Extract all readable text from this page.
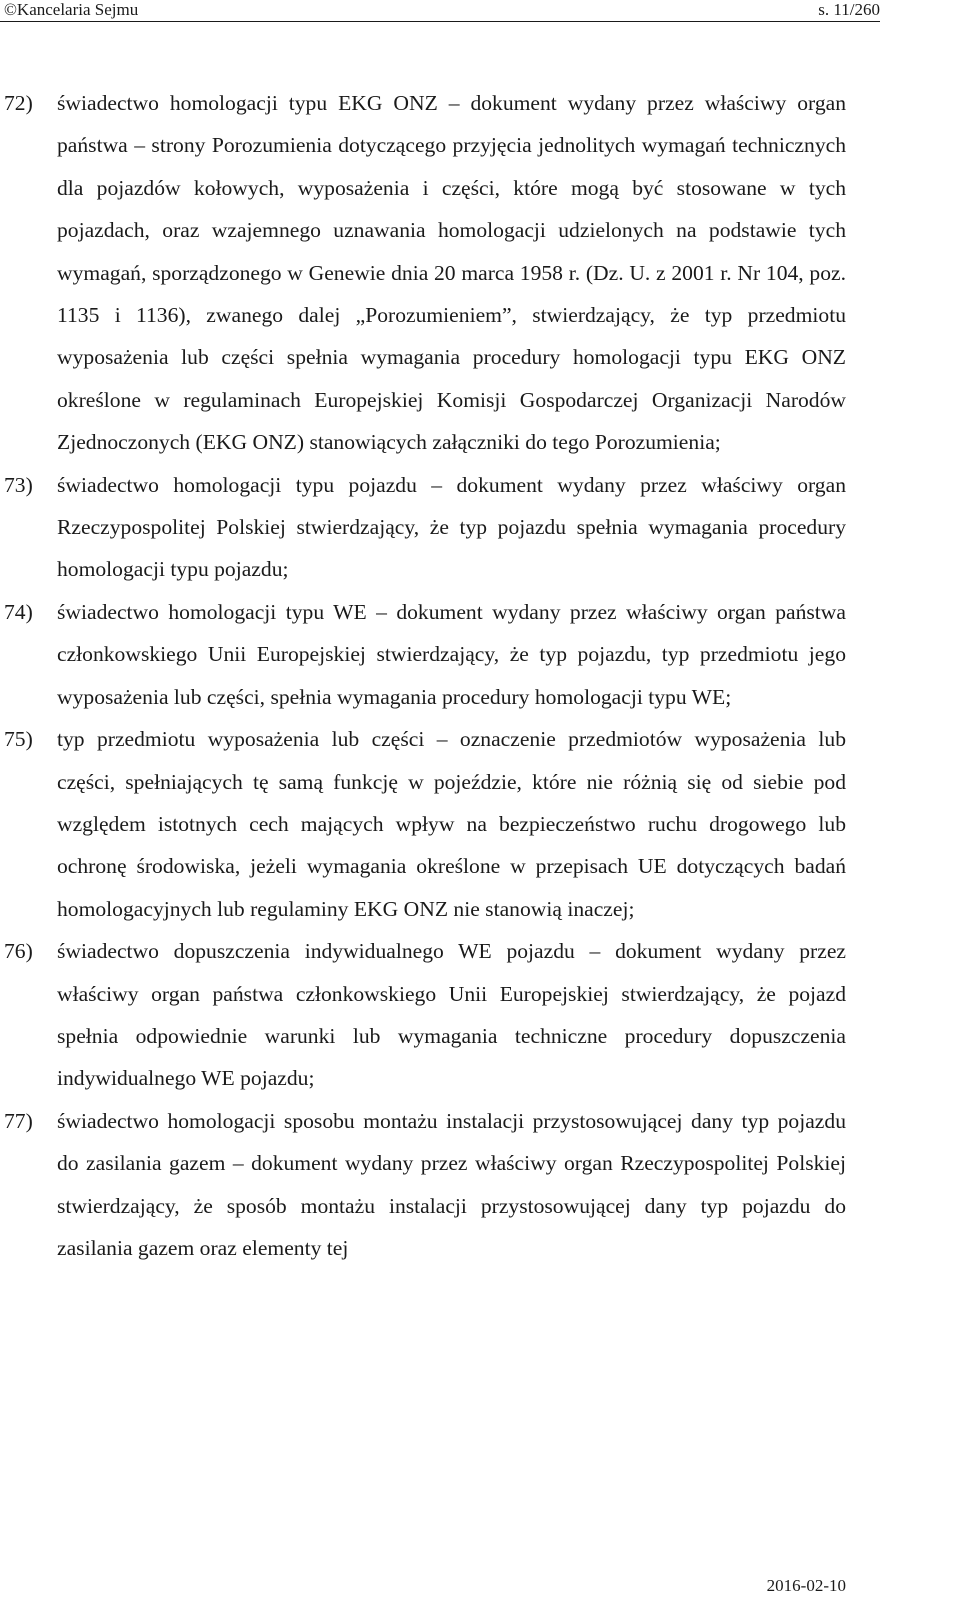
©Kancelaria Sejmu	s. 11/260
72)	świadectwo homologacji typu EKG ONZ – dokument wydany przez właściwy organ państwa – strony Porozumienia dotyczącego przyjęcia jednolitych wymagań technicznych dla pojazdów kołowych, wyposażenia i części, które mogą być stosowane w tych pojazdach, oraz wzajemnego uznawania homologacji udzielonych na podstawie tych wymagań, sporządzonego w Genewie dnia 20 marca 1958 r. (Dz. U. z 2001 r. Nr 104, poz. 1135 i 1136), zwanego dalej „Porozumieniem”, stwierdzający, że typ przedmiotu wyposażenia lub części spełnia wymagania procedury homologacji typu EKG ONZ określone w regulaminach Europejskiej Komisji Gospodarczej Organizacji Narodów Zjednoczonych (EKG ONZ) stanowiących załączniki do tego Porozumienia;
73)	świadectwo homologacji typu pojazdu – dokument wydany przez właściwy organ Rzeczypospolitej Polskiej stwierdzający, że typ pojazdu spełnia wymagania procedury homologacji typu pojazdu;
74)	świadectwo homologacji typu WE – dokument wydany przez właściwy organ państwa członkowskiego Unii Europejskiej stwierdzający, że typ pojazdu, typ przedmiotu jego wyposażenia lub części, spełnia wymagania procedury homologacji typu WE;
75)	typ przedmiotu wyposażenia lub części – oznaczenie przedmiotów wyposażenia lub części, spełniających tę samą funkcję w pojeździe, które nie różnią się od siebie pod względem istotnych cech mających wpływ na bezpieczeństwo ruchu drogowego lub ochronę środowiska, jeżeli wymagania określone w przepisach UE dotyczących badań homologacyjnych lub regulaminy EKG ONZ nie stanowią inaczej;
76)	świadectwo dopuszczenia indywidualnego WE pojazdu – dokument wydany przez właściwy organ państwa członkowskiego Unii Europejskiej stwierdzający, że pojazd spełnia odpowiednie warunki lub wymagania techniczne procedury dopuszczenia indywidualnego WE pojazdu;
77)	świadectwo homologacji sposobu montażu instalacji przystosowującej dany typ pojazdu do zasilania gazem – dokument wydany przez właściwy organ Rzeczypospolitej Polskiej stwierdzający, że sposób montażu instalacji przystosowującej dany typ pojazdu do zasilania gazem oraz elementy tej
2016-02-10
